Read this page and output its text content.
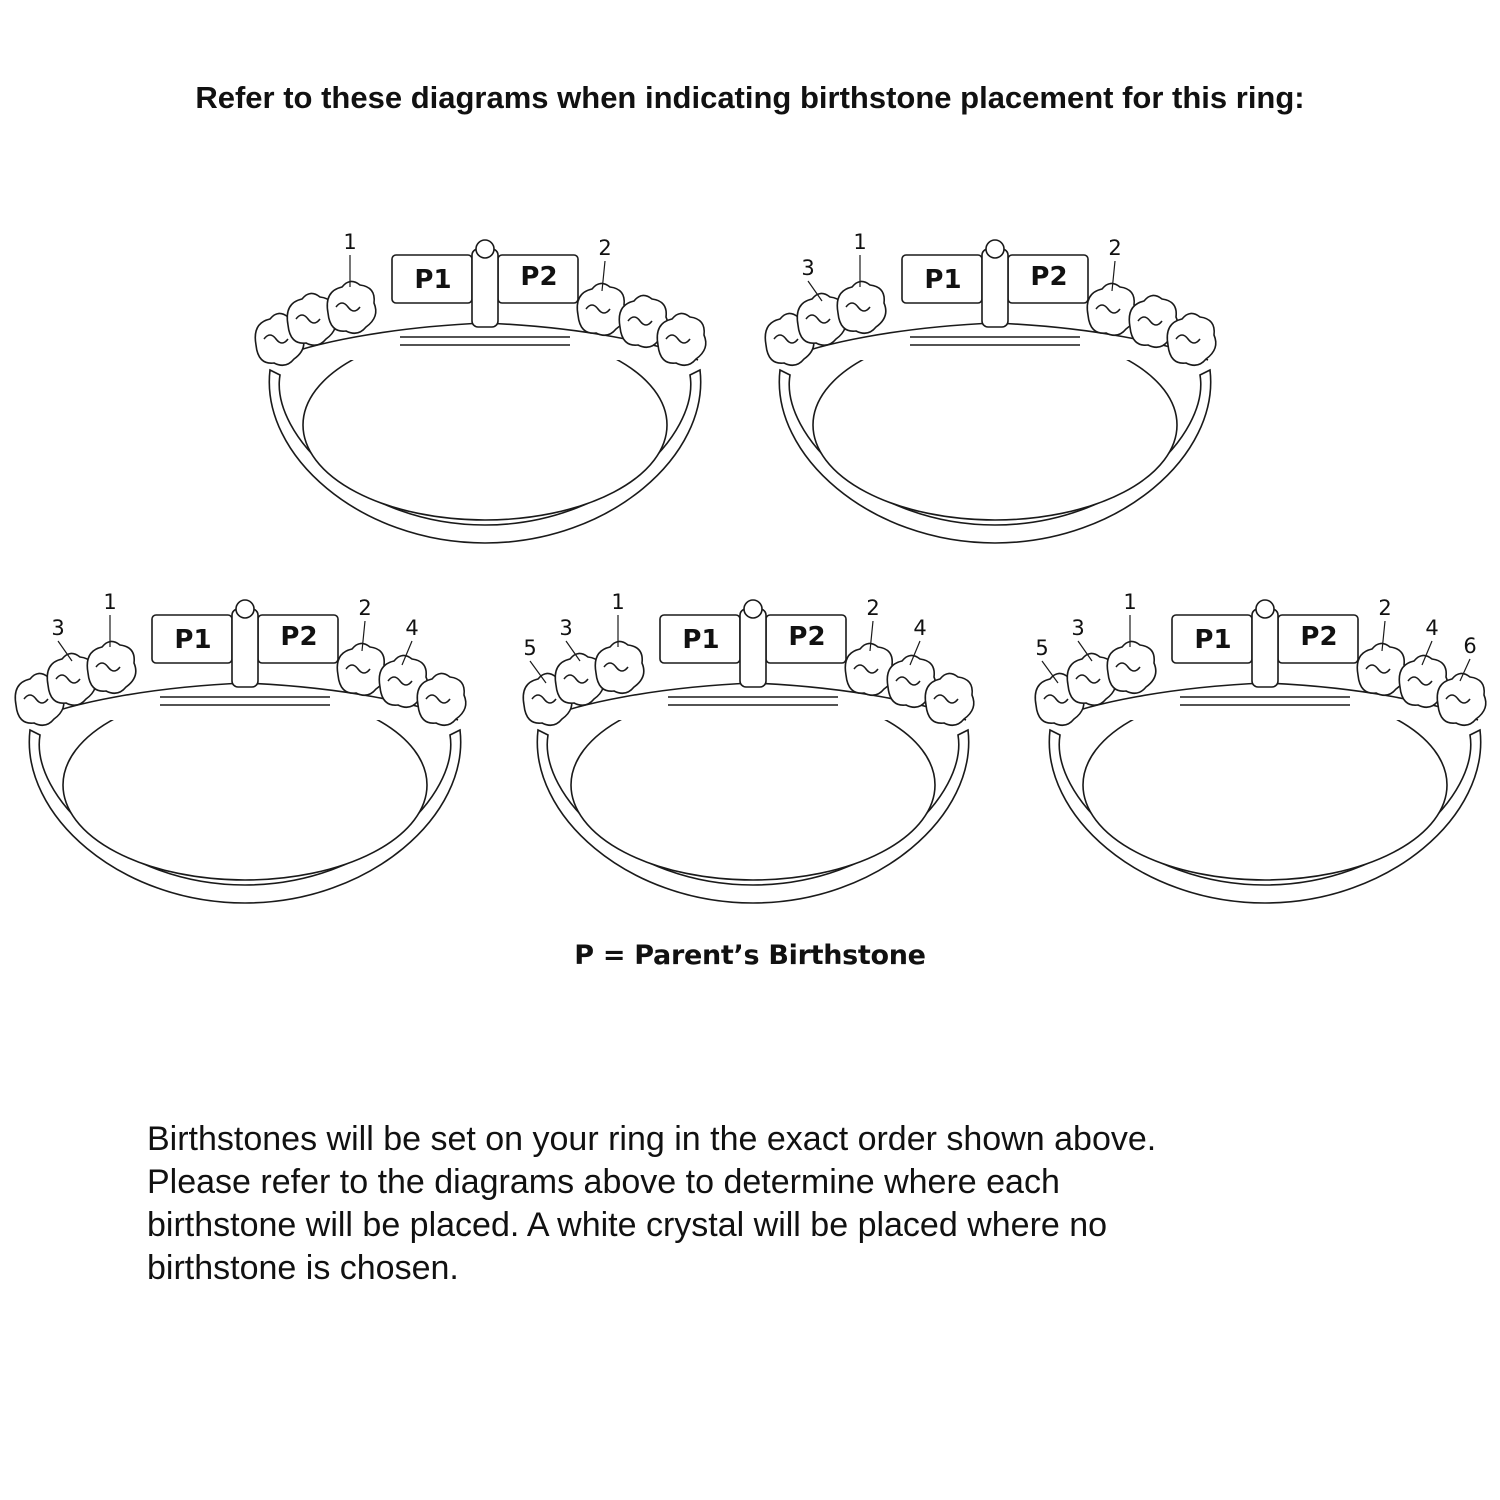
Refer to these diagrams when indicating birthstone placement for this ring:
P1	P2
1	2
P1	P2
3
1	2
P1	P2
3
1	2
4	P1	P2
5
3
1	2
4	P1	P2
5
3
1	2
4
6
P = Parent’s Birthstone
Birthstones will be set on your ring in the exact order shown above.
Please refer to the diagrams above to determine where each
birthstone will be placed. A white crystal will be placed where no
birthstone is chosen.
